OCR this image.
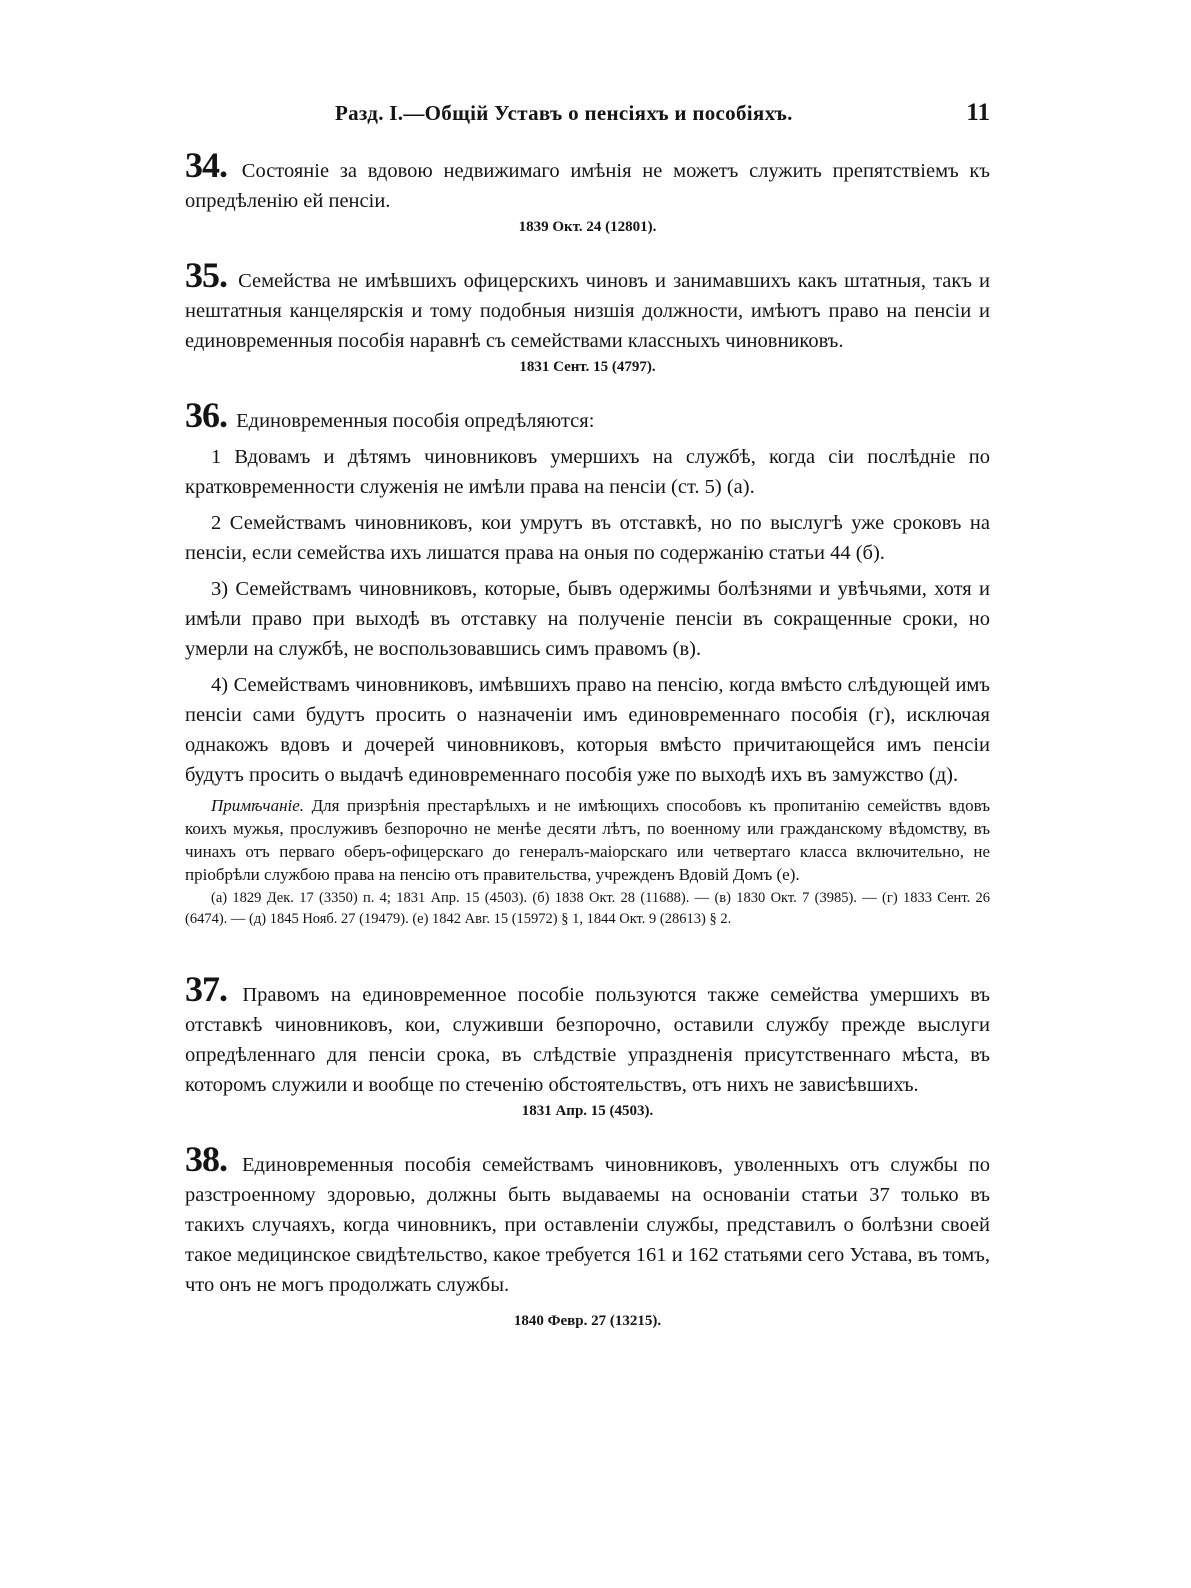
Разд. I.—Общій Уставъ о пенсіяхъ и пособіяхъ.	11

34. Состояніе за вдовою недвижимаго имѣнія не можетъ служить препятствіемъ къ опредѣленію ей пенсіи.

1839 Окт. 24 (12801).

35. Семейства не имѣвшихъ офицерскихъ чиновъ и занимавшихъ какъ штатныя, такъ и нештатныя канцелярскія и тому подобныя низшія должности, имѣютъ право на пенсіи и единовременныя пособія наравнѣ съ семействами классныхъ чиновниковъ.

1831 Сент. 15 (4797).

36. Единовременныя пособія опредѣляются:

1 Вдовамъ и дѣтямъ чиновниковъ умершихъ на службѣ, когда сіи послѣдніе по кратковременности служенія не имѣли права на пенсіи (ст. 5) (а).

2 Семействамъ чиновниковъ, кои умрутъ въ отставкѣ, но по выслугѣ уже сроковъ на пенсіи, если семейства ихъ лишатся права на оныя по содержанію статьи 44 (б).

3) Семействамъ чиновниковъ, которые, бывъ одержимы болѣзнями и увѣчьями, хотя и имѣли право при выходѣ въ отставку на полученіе пенсіи въ сокращенные сроки, но умерли на службѣ, не воспользовавшись симъ правомъ (в).

4) Семействамъ чиновниковъ, имѣвшихъ право на пенсію, когда вмѣсто слѣдующей имъ пенсіи сами будутъ просить о назначеніи имъ единовременнаго пособія (г), исключая однакожъ вдовъ и дочерей чиновниковъ, которыя вмѣсто причитающейся имъ пенсіи будутъ просить о выдачѣ единовременнаго пособія уже по выходѣ ихъ въ замужство (д).

Примѣчаніе. Для призрѣнія престарѣлыхъ и не имѣющихъ способовъ къ пропитанію семействъ вдовъ коихъ мужья, прослуживъ безпорочно не менѣе десяти лѣтъ, по военному или гражданскому вѣдомству, въ чинахъ отъ перваго оберъ-офицерскаго до генералъ-маіорскаго или четвертаго класса включительно, не пріобрѣли службою права на пенсію отъ правительства, учрежденъ Вдовій Домъ (е).

(а) 1829 Дек. 17 (3350) п. 4; 1831 Апр. 15 (4503). (б) 1838 Окт. 28 (11688). — (в) 1830 Окт. 7 (3985). — (г) 1833 Сент. 26 (6474). — (д) 1845 Нояб. 27 (19479). (е) 1842 Авг. 15 (15972) § 1, 1844 Окт. 9 (28613) § 2.

37. Правомъ на единовременное пособіе пользуются также семейства умершихъ въ отставкѣ чиновниковъ, кои, служивши безпорочно, оставили службу прежде выслуги опредѣленнаго для пенсіи срока, въ слѣдствіе упраздненія присутственнаго мѣста, въ которомъ служили и вообще по стеченію обстоятельствъ, отъ нихъ не зависѣвшихъ.

1831 Апр. 15 (4503).

38. Единовременныя пособія семействамъ чиновниковъ, уволенныхъ отъ службы по разстроенному здоровью, должны быть выдаваемы на основаніи статьи 37 только въ такихъ случаяхъ, когда чиновникъ, при оставленіи службы, представилъ о болѣзни своей такое медицинское свидѣтельство, какое требуется 161 и 162 статьями сего Устава, въ томъ, что онъ не могъ продолжать службы.

1840 Февр. 27 (13215).
